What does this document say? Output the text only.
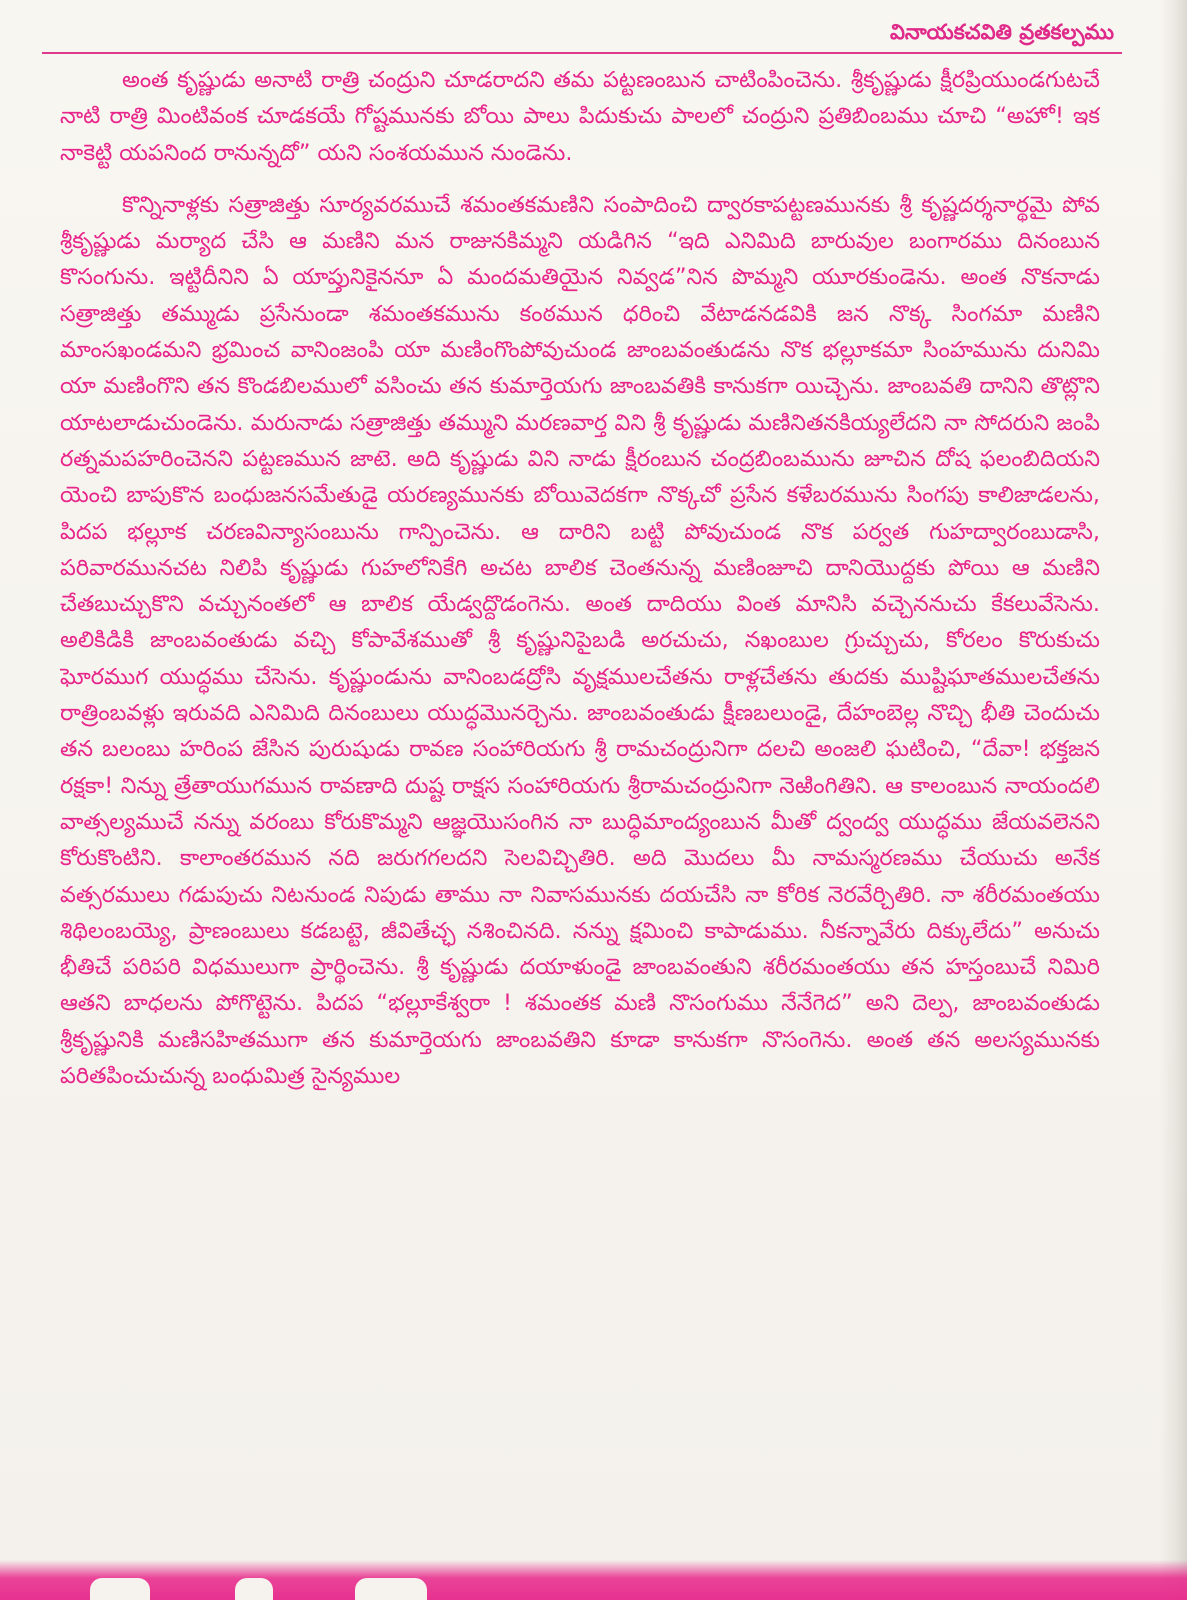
వినాయకచవితి వ్రతకల్పము

అంత కృష్ణుడు అనాటి రాత్రి చంద్రుని చూడరాదని తమ పట్టణంబున చాటింపించెను. శ్రీకృష్ణుడు క్షీరప్రియుండగుటచే నాటి రాత్రి మింటివంక చూడకయే గోష్టమునకు బోయి పాలు పిదుకుచు పాలలో చంద్రుని ప్రతిబింబము చూచి “అహో! ఇక నాకెట్టి యపనింద రానున్నదో” యని సంశయమున నుండెను.

కొన్నినాళ్లకు సత్రాజిత్తు సూర్యవరముచే శమంతకమణిని సంపాదించి ద్వారకాపట్టణమునకు శ్రీ కృష్ణదర్శనార్థమై పోవ శ్రీకృష్ణుడు మర్యాద చేసి ఆ మణిని మన రాజునకిమ్మని యడిగిన “ఇది ఎనిమిది బారువుల బంగారము దినంబున కొసంగును. ఇట్టిదీనిని ఏ యాప్తునికైననూ ఏ మందమతియైన నివ్వడ”నిన పొమ్మని యూరకుండెను. అంత నొకనాడు సత్రాజిత్తు తమ్ముడు ప్రసేనుండా శమంతకమును కంఠమున ధరించి వేటాడనడవికి జన నొక్క సింగమా మణిని మాంసఖండమని భ్రమించ వానింజంపి యా మణింగొంపోవుచుండ జాంబవంతుడను నొక భల్లూకమా సింహమును దునిమి యా మణింగొని తన కొండబిలములో వసించు తన కుమార్తెయగు జాంబవతికి కానుకగా యిచ్చెను. జాంబవతి దానిని తొట్లొని యాటలాడుచుండెను. మరునాడు సత్రాజిత్తు తమ్ముని మరణవార్త విని శ్రీ కృష్ణుడు మణినితనకియ్యలేదని నా సోదరుని జంపి రత్నమపహరించెనని పట్టణమున జాటె. అది కృష్ణుడు విని నాడు క్షీరంబున చంద్రబింబమును జూచిన దోష ఫలంబిదియని యెంచి బాపుకొన బంధుజనసమేతుడై యరణ్యమునకు బోయివెదకగా నొక్కచో ప్రసేన కళేబరమును సింగపు కాలిజాడలను, పిదప భల్లూక చరణవిన్యాసంబును గాన్పించెను. ఆ దారిని బట్టి పోవుచుండ నొక పర్వత గుహద్వారంబుడాసి, పరివారమునచట నిలిపి కృష్ణుడు గుహలోనికేగి అచట బాలిక చెంతనున్న మణింజూచి దానియొద్దకు పోయి ఆ మణిని చేతబుచ్చుకొని వచ్చునంతలో ఆ బాలిక యేడ్వద్దొడంగెను. అంత దాదియు వింత మానిసి వచ్చెననుచు కేకలువేసెను. అలికిడికి జాంబవంతుడు వచ్చి కోపావేశముతో శ్రీ కృష్ణునిపైబడి అరచుచు, నఖంబుల గ్రుచ్చుచు, కోరలం కొరుకుచు ఘోరముగ యుద్ధము చేసెను. కృష్ణుండును వానింబడద్రోసి వృక్షములచేతను రాళ్లచేతను తుదకు ముష్టిఘాతములచేతను రాత్రింబవళ్లు ఇరువది ఎనిమిది దినంబులు యుద్ధమొనర్చెను. జాంబవంతుడు క్షీణబలుండై, దేహంబెల్ల నొచ్చి భీతి చెందుచు తన బలంబు హరింప జేసిన పురుషుడు రావణ సంహారియగు శ్రీ రామచంద్రునిగా దలచి అంజలి ఘటించి, “దేవా! భక్తజన రక్షకా! నిన్ను త్రేతాయుగమున రావణాది దుష్ట రాక్షస సంహారియగు శ్రీరామచంద్రునిగా నెఱింగితిని. ఆ కాలంబున నాయందలి వాత్సల్యముచే నన్ను వరంబు కోరుకొమ్మని ఆజ్ఞయొసంగిన నా బుద్ధిమాంద్యంబున మీతో ద్వంద్వ యుద్ధము జేయవలెనని కోరుకొంటిని. కాలాంతరమున నది జరుగగలదని సెలవిచ్చితిరి. అది మొదలు మీ నామస్మరణము చేయుచు అనేక వత్సరములు గడుపుచు నిటనుండ నిపుడు తాము నా నివాసమునకు దయచేసి నా కోరిక నెరవేర్చితిరి. నా శరీరమంతయు శిథిలంబయ్యె, ప్రాణంబులు కడబట్టె, జీవితేచ్ఛ నశించినది. నన్ను క్షమించి కాపాడుము. నీకన్నావేరు దిక్కులేదు” అనుచు భీతిచే పరిపరి విధములుగా ప్రార్థించెను. శ్రీ కృష్ణుడు దయాళుండై జాంబవంతుని శరీరమంతయు తన హస్తంబుచే నిమిరి ఆతని బాధలను పోగొట్టెను. పిదప “భల్లూకేశ్వరా ! శమంతక మణి నొసంగుము నేనేగెద” అని దెల్ప, జాంబవంతుడు శ్రీకృష్ణునికి మణిసహితముగా తన కుమార్తెయగు జాంబవతిని కూడా కానుకగా నొసంగెను. అంత తన అలస్యమునకు పరితపించుచున్న బంధుమిత్ర సైన్యముల
